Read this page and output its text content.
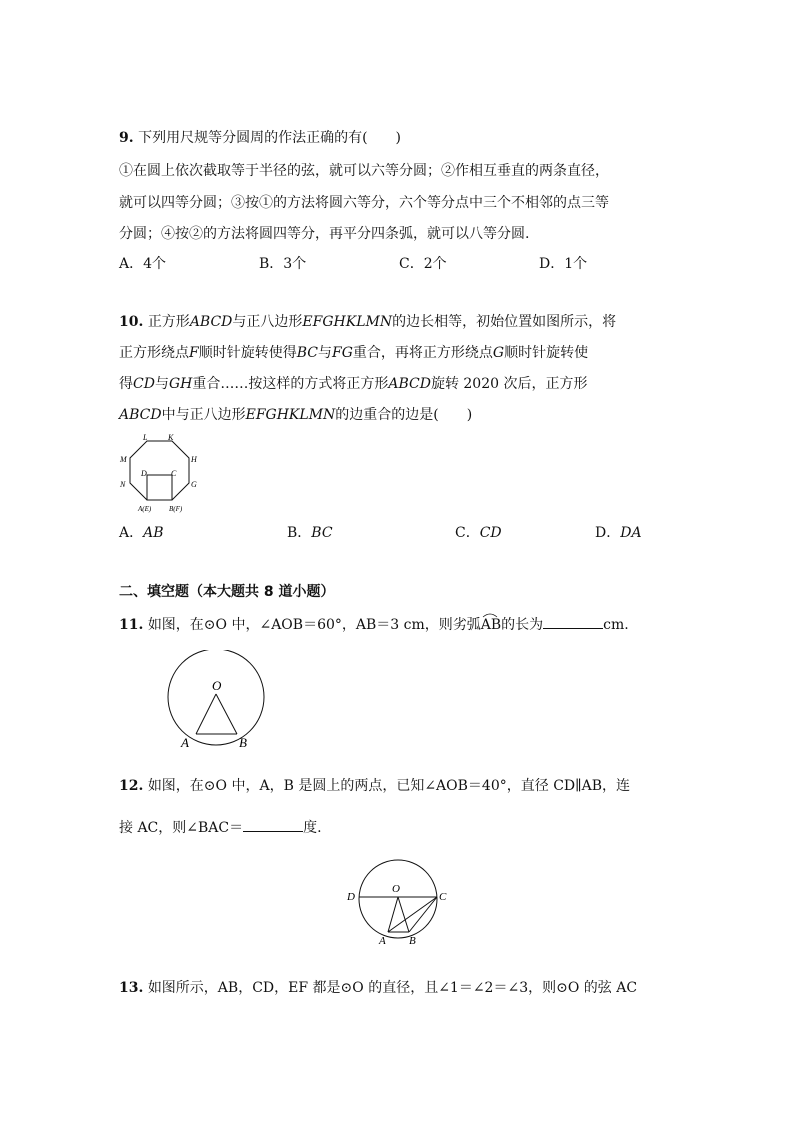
9. 下列用尺规等分圆周的作法正确的有(　　)
①在圆上依次截取等于半径的弦，就可以六等分圆；②作相互垂直的两条直径，
就可以四等分圆；③按①的方法将圆六等分，六个等分点中三个不相邻的点三等
分圆；④按②的方法将圆四等分，再平分四条弧，就可以八等分圆.
A．4个	B．3个	C．2个	D．1个
10. 正方形ABCD与正八边形EFGHKLMN的边长相等，初始位置如图所示，将
正方形绕点F顺时针旋转使得BC与FG重合，再将正方形绕点G顺时针旋转使
得CD与GH重合……按这样的方式将正方形ABCD旋转 2020 次后，正方形
ABCD中与正八边形EFGHKLMN的边重合的边是(　　)
L	K
M	H
D	C
N	G
A(E)	B(F)
A．AB	B．BC	C．CD	D．DA
二、填空题（本大题共 8 道小题）
11. 如图，在⊙O 中，∠AOB＝60°，AB＝3 cm，则劣弧AB
的长为	cm.
O
A	B
12. 如图，在⊙O 中，A，B 是圆上的两点，已知∠AOB＝40°，直径 CD∥AB，连
接 AC，则∠BAC＝	度.
D
O
C
A B
13. 如图所示，AB，CD，EF 都是⊙O 的直径，且∠1＝∠2＝∠3，则⊙O 的弦 AC
